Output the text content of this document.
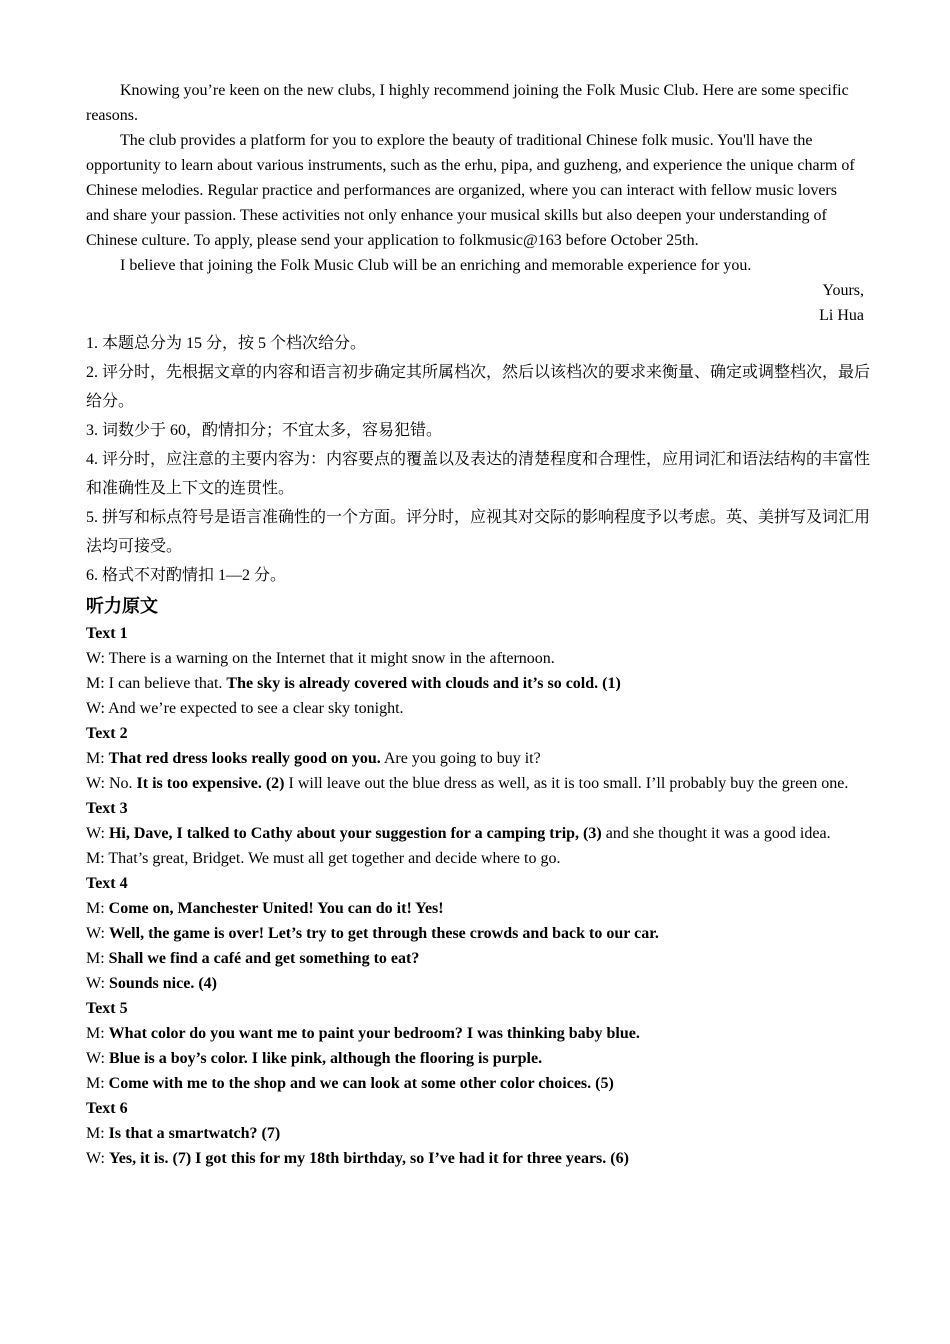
Knowing you’re keen on the new clubs, I highly recommend joining the Folk Music Club. Here are some specific reasons.

The club provides a platform for you to explore the beauty of traditional Chinese folk music. You'll have the opportunity to learn about various instruments, such as the erhu, pipa, and guzheng, and experience the unique charm of Chinese melodies. Regular practice and performances are organized, where you can interact with fellow music lovers and share your passion. These activities not only enhance your musical skills but also deepen your understanding of Chinese culture. To apply, please send your application to folkmusic@163 before October 25th.

I believe that joining the Folk Music Club will be an enriching and memorable experience for you.

Yours,

Li Hua

1. 本题总分为 15 分，按 5 个档次给分。

2. 评分时，先根据文章的内容和语言初步确定其所属档次，然后以该档次的要求来衡量、确定或调整档次，最后给分。

3. 词数少于 60，酌情扣分；不宜太多，容易犯错。

4. 评分时，应注意的主要内容为：内容要点的覆盖以及表达的清楚程度和合理性，应用词汇和语法结构的丰富性和准确性及上下文的连贯性。

5. 拼写和标点符号是语言准确性的一个方面。评分时，应视其对交际的影响程度予以考虑。英、美拼写及词汇用法均可接受。

6. 格式不对酌情扣 1—2 分。

听力原文

Text 1

W: There is a warning on the Internet that it might snow in the afternoon.

M: I can believe that. The sky is already covered with clouds and it’s so cold. (1)

W: And we’re expected to see a clear sky tonight.

Text 2

M: That red dress looks really good on you. Are you going to buy it?

W: No. It is too expensive. (2) I will leave out the blue dress as well, as it is too small. I’ll probably buy the green one.

Text 3

W: Hi, Dave, I talked to Cathy about your suggestion for a camping trip, (3) and she thought it was a good idea.

M: That’s great, Bridget. We must all get together and decide where to go.

Text 4

M: Come on, Manchester United! You can do it! Yes!

W: Well, the game is over! Let’s try to get through these crowds and back to our car.

M: Shall we find a café and get something to eat?

W: Sounds nice. (4)

Text 5

M: What color do you want me to paint your bedroom? I was thinking baby blue.

W: Blue is a boy’s color. I like pink, although the flooring is purple.

M: Come with me to the shop and we can look at some other color choices. (5)

Text 6

M: Is that a smartwatch? (7)

W: Yes, it is. (7) I got this for my 18th birthday, so I’ve had it for three years. (6)
